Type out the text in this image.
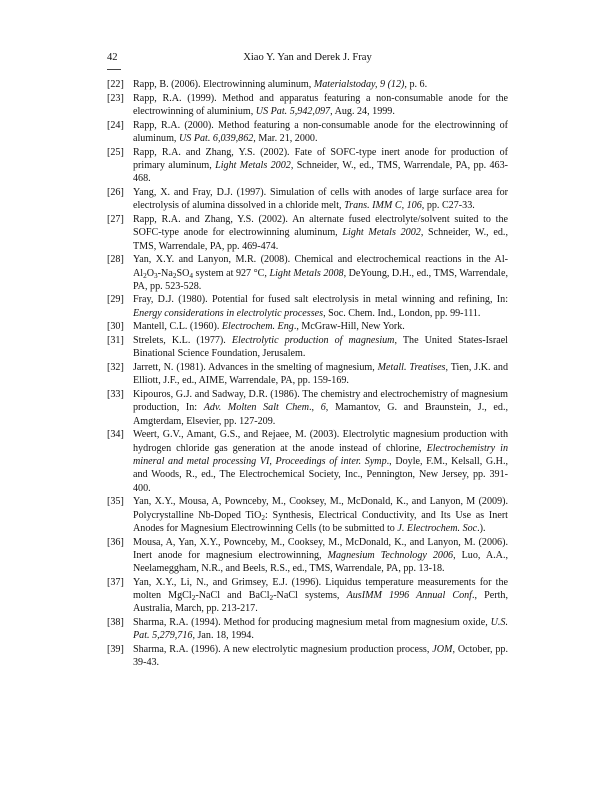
42	Xiao Y. Yan and Derek J. Fray
[22] Rapp, B. (2006). Electrowinning aluminum, Materialstoday, 9 (12), p. 6.
[23] Rapp, R.A. (1999). Method and apparatus featuring a non-consumable anode for the electrowinning of aluminium, US Pat. 5,942,097, Aug. 24, 1999.
[24] Rapp, R.A. (2000). Method featuring a non-consumable anode for the electrowinning of aluminum, US Pat. 6,039,862, Mar. 21, 2000.
[25] Rapp, R.A. and Zhang, Y.S. (2002). Fate of SOFC-type inert anode for production of primary aluminum, Light Metals 2002, Schneider, W., ed., TMS, Warrendale, PA, pp. 463-468.
[26] Yang, X. and Fray, D.J. (1997). Simulation of cells with anodes of large surface area for electrolysis of alumina dissolved in a chloride melt, Trans. IMM C, 106, pp. C27-33.
[27] Rapp, R.A. and Zhang, Y.S. (2002). An alternate fused electrolyte/solvent suited to the SOFC-type anode for electrowinning aluminum, Light Metals 2002, Schneider, W., ed., TMS, Warrendale, PA, pp. 469-474.
[28] Yan, X.Y. and Lanyon, M.R. (2008). Chemical and electrochemical reactions in the $Al-Al_2O_3-Na_2SO_4$ system at 927 °C, Light Metals 2008, DeYoung, D.H., ed., TMS, Warrendale, PA, pp. 523-528.
[29] Fray, D.J. (1980). Potential for fused salt electrolysis in metal winning and refining, In: Energy considerations in electrolytic processes, Soc. Chem. Ind., London, pp. 99-111.
[30] Mantell, C.L. (1960). Electrochem. Eng., McGraw-Hill, New York.
[31] Strelets, K.L. (1977). Electrolytic production of magnesium, The United States-Israel Binational Science Foundation, Jerusalem.
[32] Jarrett, N. (1981). Advances in the smelting of magnesium, Metall. Treatises, Tien, J.K. and Elliott, J.F., ed., AIME, Warrendale, PA, pp. 159-169.
[33] Kipouros, G.J. and Sadway, D.R. (1986). The chemistry and electrochemistry of magnesium production, In: Adv. Molten Salt Chem., 6, Mamantov, G. and Braunstein, J., ed., Amgterdam, Elsevier, pp. 127-209.
[34] Weert, G.V., Amant, G.S., and Rejaee, M. (2003). Electrolytic magnesium production with hydrogen chloride gas generation at the anode instead of chlorine, Electrochemistry in mineral and metal processing VI, Proceedings of inter. Symp., Doyle, F.M., Kelsall, G.H., and Woods, R., ed., The Electrochemical Society, Inc., Pennington, New Jersey, pp. 391-400.
[35] Yan, X.Y., Mousa, A, Pownceby, M., Cooksey, M., McDonald, K., and Lanyon, M (2009). Polycrystalline Nb-Doped TiO$_2$: Synthesis, Electrical Conductivity, and Its Use as Inert Anodes for Magnesium Electrowinning Cells (to be submitted to J. Electrochem. Soc.).
[36] Mousa, A, Yan, X.Y., Pownceby, M., Cooksey, M., McDonald, K., and Lanyon, M. (2006). Inert anode for magnesium electrowinning, Magnesium Technology 2006, Luo, A.A., Neelameggham, N.R., and Beels, R.S., ed., TMS, Warrendale, PA, pp. 13-18.
[37] Yan, X.Y., Li, N., and Grimsey, E.J. (1996). Liquidus temperature measurements for the molten MgCl$_2$-NaCl and BaCl$_2$-NaCl systems, AusIMM 1996 Annual Conf., Perth, Australia, March, pp. 213-217.
[38] Sharma, R.A. (1994). Method for producing magnesium metal from magnesium oxide, U.S. Pat. 5,279,716, Jan. 18, 1994.
[39] Sharma, R.A. (1996). A new electrolytic magnesium production process, JOM, October, pp. 39-43.
